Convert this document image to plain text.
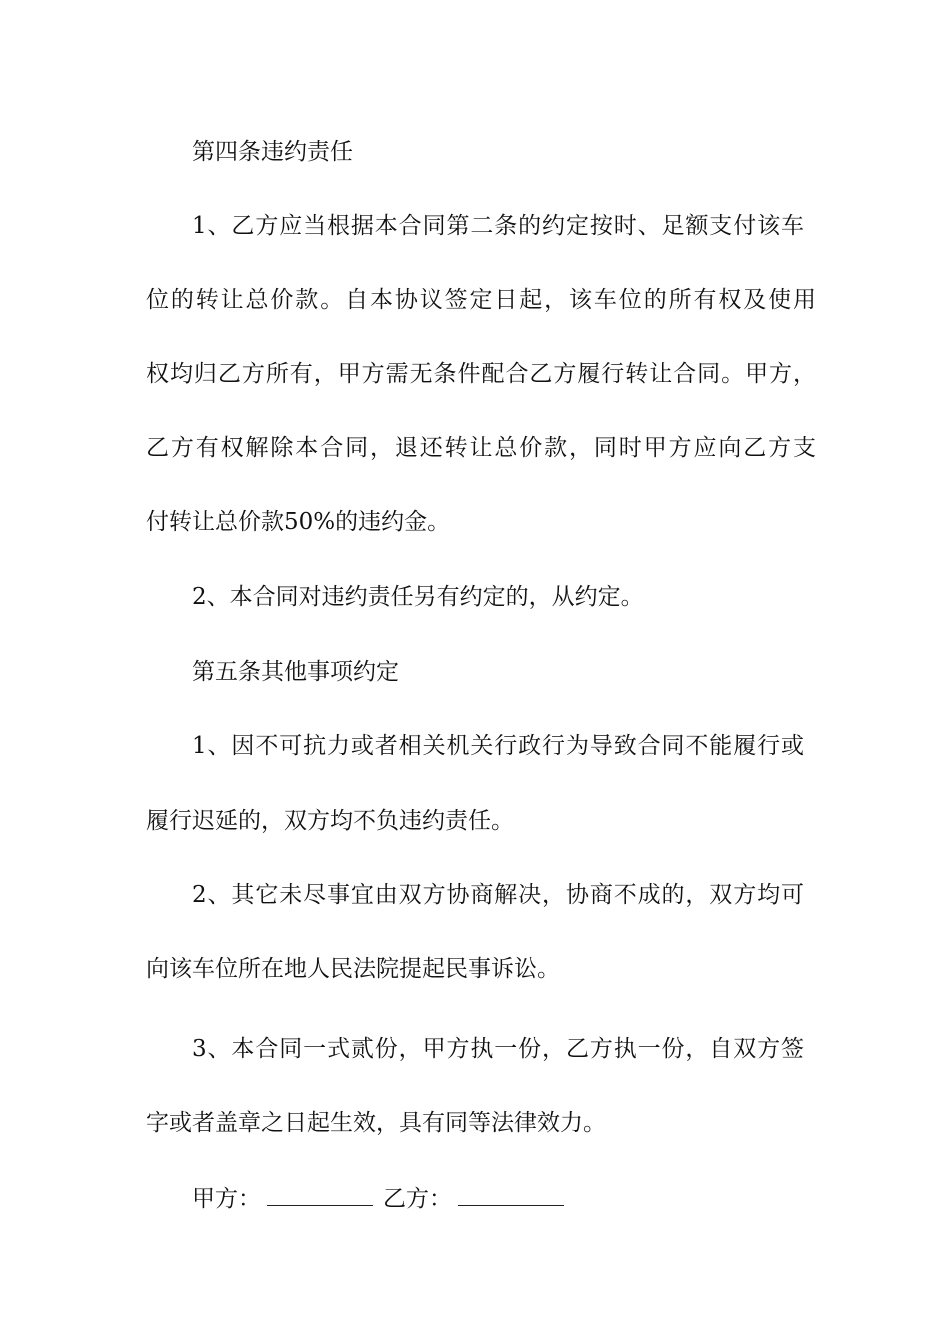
第四条违约责任
1、乙方应当根据本合同第二条的约定按时、足额支付该车
位的转让总价款。自本协议签定日起，该车位的所有权及使用
权均归乙方所有，甲方需无条件配合乙方履行转让合同。甲方，
乙方有权解除本合同，退还转让总价款，同时甲方应向乙方支
付转让总价款50%的违约金。
2、本合同对违约责任另有约定的，从约定。
第五条其他事项约定
1、因不可抗力或者相关机关行政行为导致合同不能履行或
履行迟延的，双方均不负违约责任。
2、其它未尽事宜由双方协商解决，协商不成的，双方均可
向该车位所在地人民法院提起民事诉讼。
3、本合同一式贰份，甲方执一份，乙方执一份，自双方签
字或者盖章之日起生效，具有同等法律效力。
甲方：	乙方：
